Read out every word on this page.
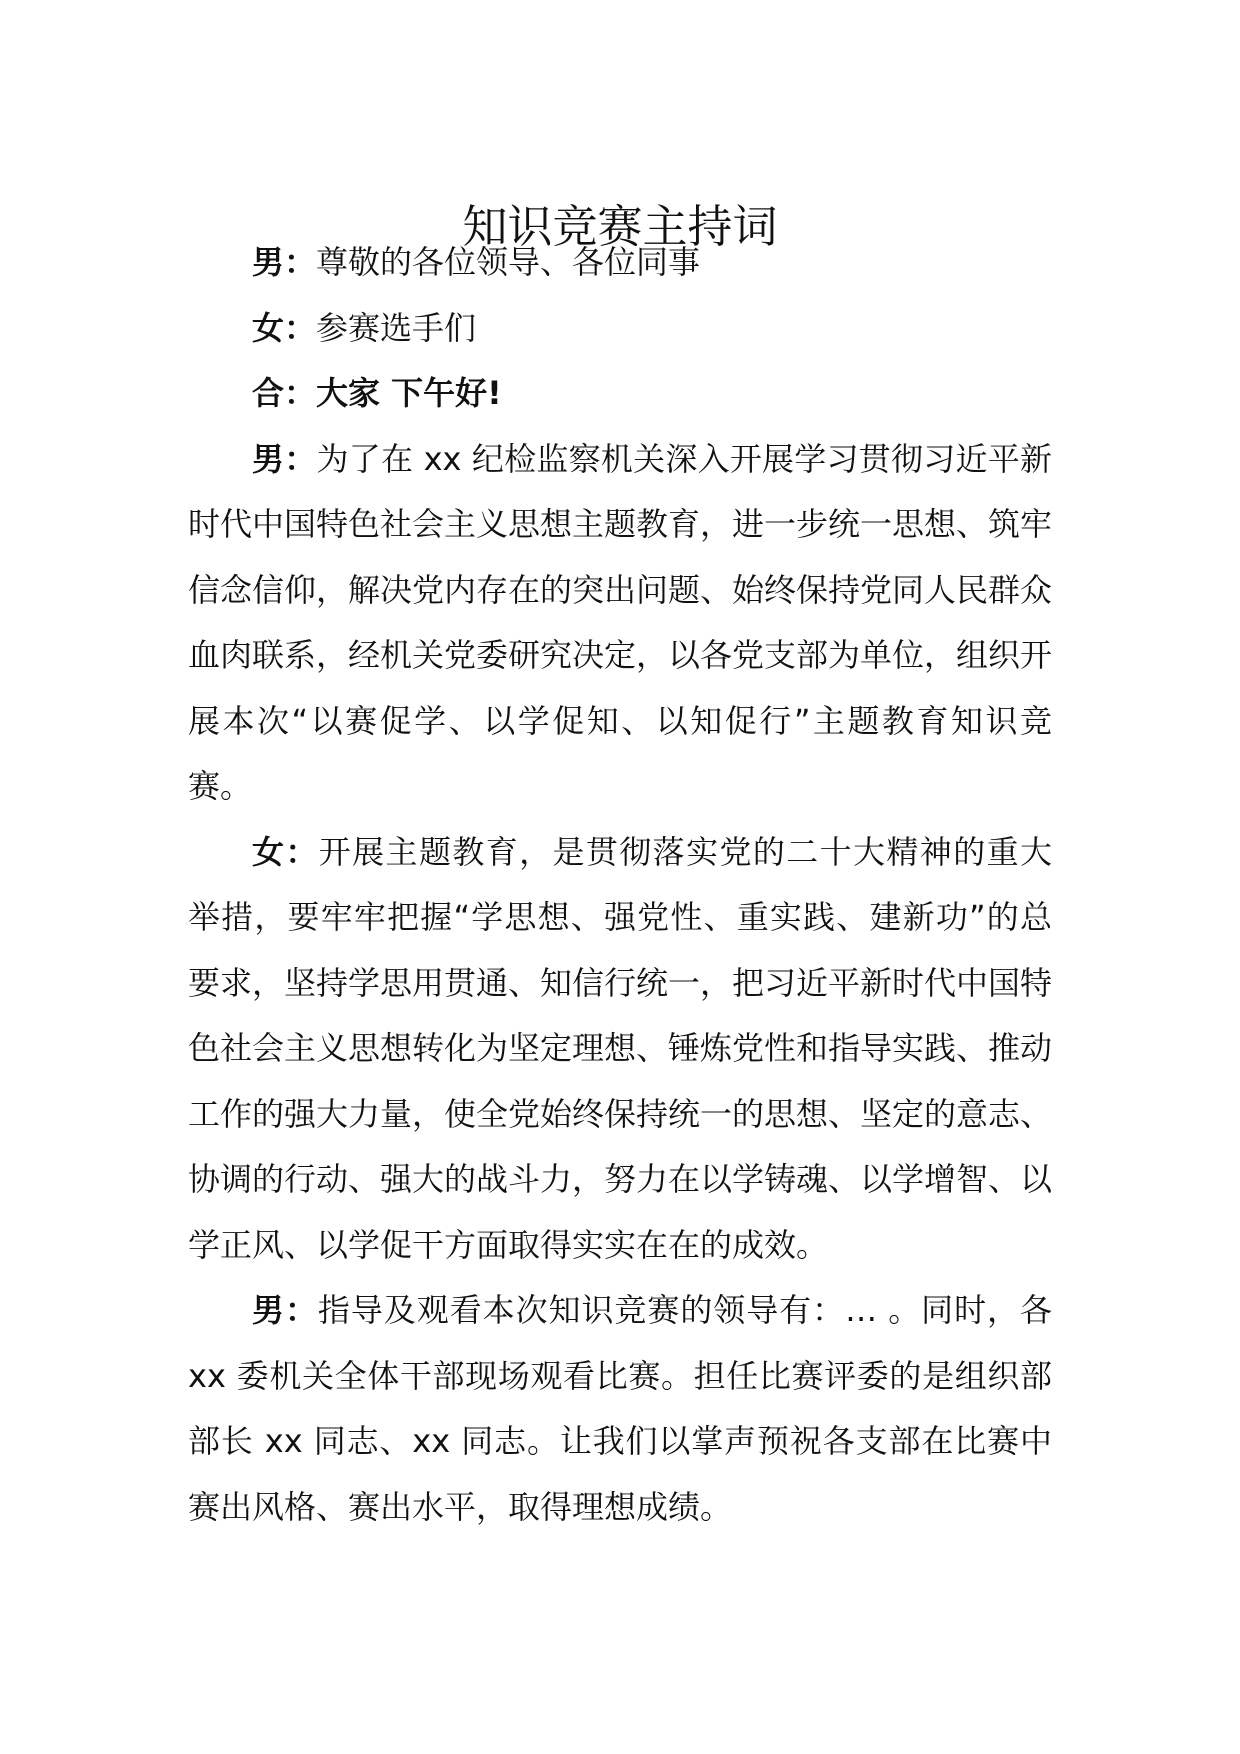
知识竞赛主持词

男：尊敬的各位领导、各位同事

女：参赛选手们

合：大家 下午好!

男：为了在 xx 纪检监察机关深入开展学习贯彻习近平新时代中国特色社会主义思想主题教育，进一步统一思想、筑牢信念信仰，解决党内存在的突出问题、始终保持党同人民群众血肉联系，经机关党委研究决定，以各党支部为单位，组织开展本次“以赛促学、以学促知、以知促行”主题教育知识竞赛。

女：开展主题教育，是贯彻落实党的二十大精神的重大举措，要牢牢把握“学思想、强党性、重实践、建新功”的总要求，坚持学思用贯通、知信行统一，把习近平新时代中国特色社会主义思想转化为坚定理想、锤炼党性和指导实践、推动工作的强大力量，使全党始终保持统一的思想、坚定的意志、协调的行动、强大的战斗力，努力在以学铸魂、以学增智、以学正风、以学促干方面取得实实在在的成效。

男：指导及观看本次知识竞赛的领导有：… 。同时，各 xx 委机关全体干部现场观看比赛。担任比赛评委的是组织部部长 xx 同志、xx 同志。让我们以掌声预祝各支部在比赛中赛出风格、赛出水平，取得理想成绩。
